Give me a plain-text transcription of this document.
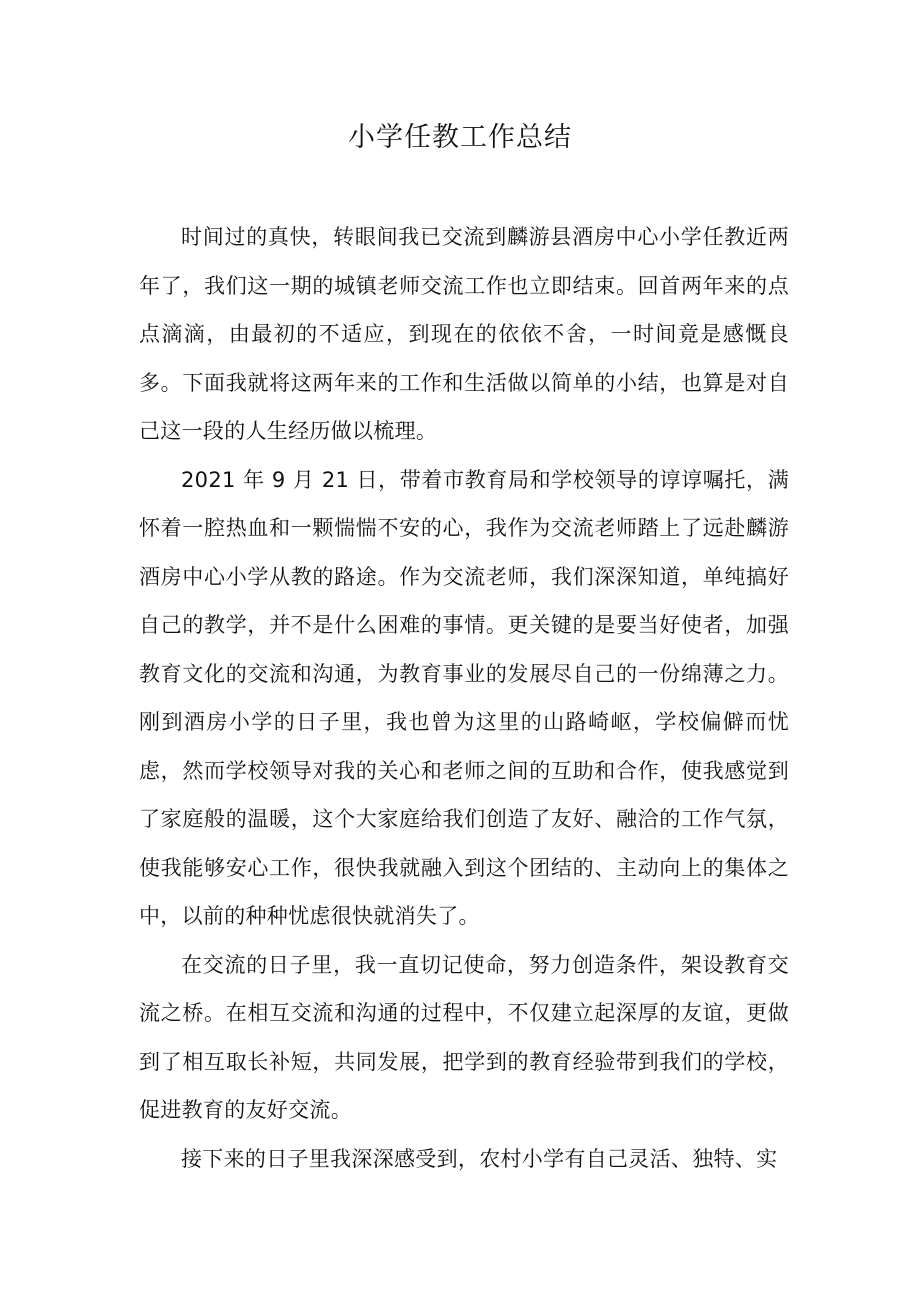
小学任教工作总结

时间过的真快，转眼间我已交流到麟游县酒房中心小学任教近两年了，我们这一期的城镇老师交流工作也立即结束。回首两年来的点点滴滴，由最初的不适应，到现在的依依不舍，一时间竟是感慨良多。下面我就将这两年来的工作和生活做以简单的小结，也算是对自己这一段的人生经历做以梳理。

2021 年 9 月 21 日，带着市教育局和学校领导的谆谆嘱托，满怀着一腔热血和一颗惴惴不安的心，我作为交流老师踏上了远赴麟游酒房中心小学从教的路途。作为交流老师，我们深深知道，单纯搞好自己的教学，并不是什么困难的事情。更关键的是要当好使者，加强教育文化的交流和沟通，为教育事业的发展尽自己的一份绵薄之力。刚到酒房小学的日子里，我也曾为这里的山路崎岖，学校偏僻而忧虑，然而学校领导对我的关心和老师之间的互助和合作，使我感觉到了家庭般的温暖，这个大家庭给我们创造了友好、融洽的工作气氛，使我能够安心工作，很快我就融入到这个团结的、主动向上的集体之中，以前的种种忧虑很快就消失了。

在交流的日子里，我一直切记使命，努力创造条件，架设教育交流之桥。在相互交流和沟通的过程中，不仅建立起深厚的友谊，更做到了相互取长补短，共同发展，把学到的教育经验带到我们的学校，促进教育的友好交流。

接下来的日子里我深深感受到，农村小学有自己灵活、独特、实
